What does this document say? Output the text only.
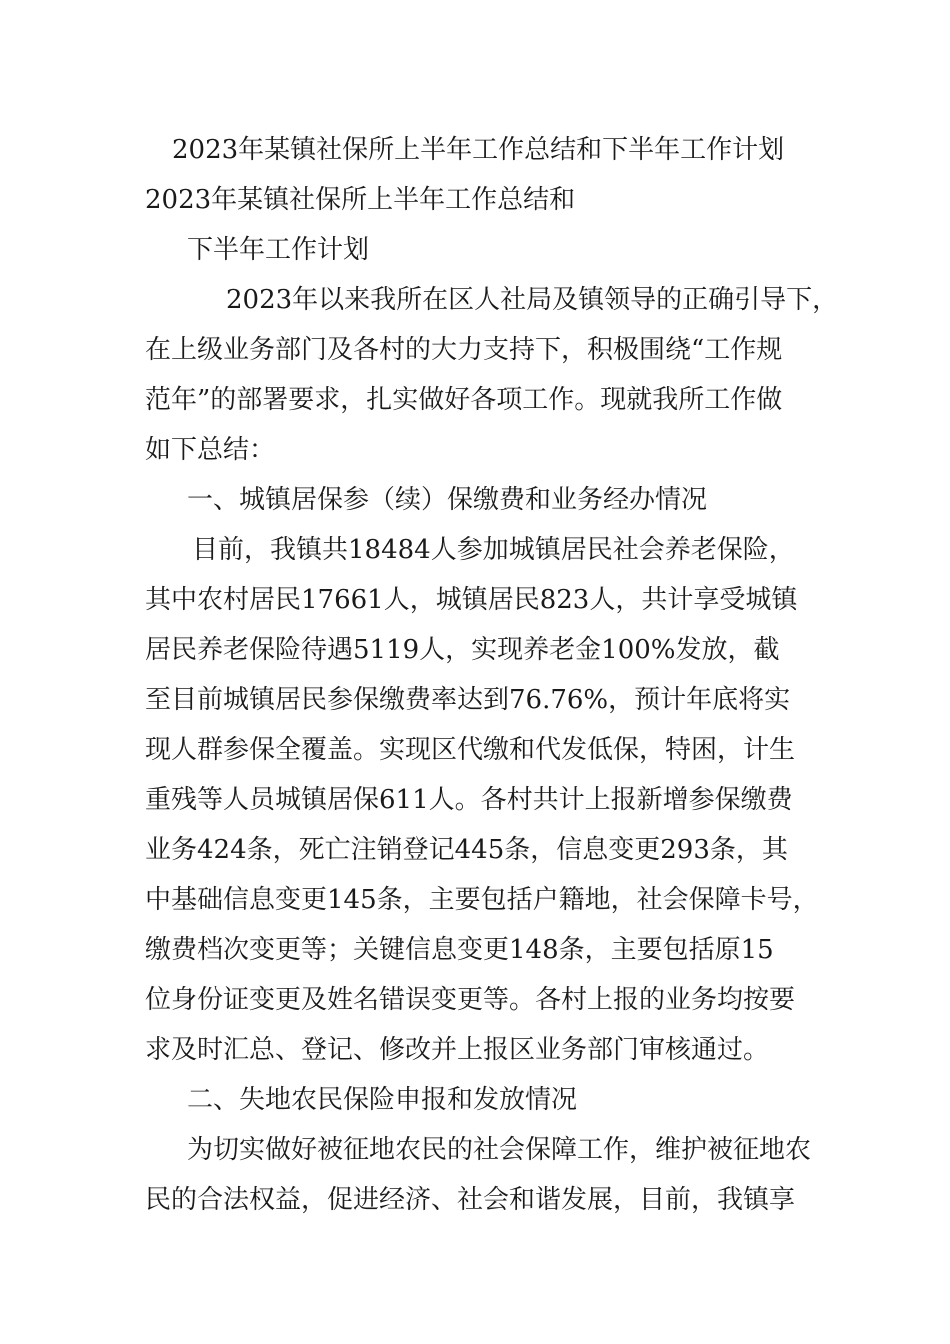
2023年某镇社保所上半年工作总结和下半年工作计划
2023年某镇社保所上半年工作总结和
下半年工作计划
2023年以来我所在区人社局及镇领导的正确引导下，
在上级业务部门及各村的大力支持下，积极围绕“工作规
范年”的部署要求，扎实做好各项工作。现就我所工作做
如下总结：
一、城镇居保参（续）保缴费和业务经办情况
目前，我镇共18484人参加城镇居民社会养老保险，
其中农村居民17661人，城镇居民823人，共计享受城镇
居民养老保险待遇5119人，实现养老金100%发放，截
至目前城镇居民参保缴费率达到76.76%，预计年底将实
现人群参保全覆盖。实现区代缴和代发低保，特困，计生
重残等人员城镇居保611人。各村共计上报新增参保缴费
业务424条，死亡注销登记445条，信息变更293条，其
中基础信息变更145条，主要包括户籍地，社会保障卡号，
缴费档次变更等；关键信息变更148条，主要包括原15
位身份证变更及姓名错误变更等。各村上报的业务均按要
求及时汇总、登记、修改并上报区业务部门审核通过。
二、失地农民保险申报和发放情况
为切实做好被征地农民的社会保障工作，维护被征地农
民的合法权益，促进经济、社会和谐发展，目前，我镇享
